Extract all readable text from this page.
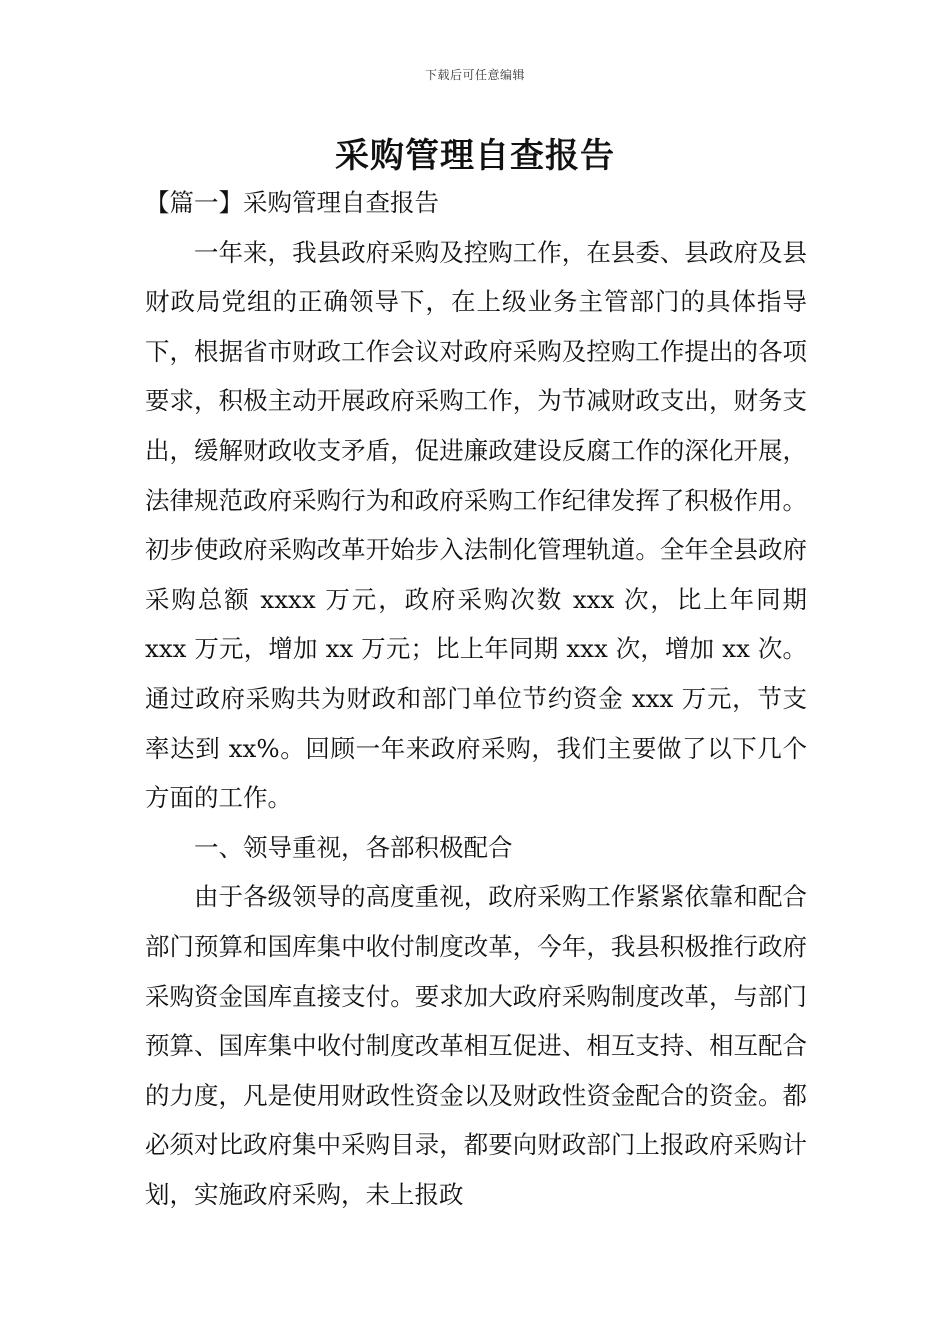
下载后可任意编辑
采购管理自查报告

【篇一】采购管理自查报告

一年来，我县政府采购及控购工作，在县委、县政府及县财政局党组的正确领导下，在上级业务主管部门的具体指导下，根据省市财政工作会议对政府采购及控购工作提出的各项要求，积极主动开展政府采购工作，为节减财政支出，财务支出，缓解财政收支矛盾，促进廉政建设反腐工作的深化开展，法律规范政府采购行为和政府采购工作纪律发挥了积极作用。初步使政府采购改革开始步入法制化管理轨道。全年全县政府采购总额 xxxx 万元，政府采购次数 xxx 次，比上年同期 xxx 万元，增加 xx 万元；比上年同期 xxx 次，增加 xx 次。通过政府采购共为财政和部门单位节约资金 xxx 万元，节支率达到 xx%。回顾一年来政府采购，我们主要做了以下几个方面的工作。

一、领导重视，各部积极配合

由于各级领导的高度重视，政府采购工作紧紧依靠和配合部门预算和国库集中收付制度改革，今年，我县积极推行政府采购资金国库直接支付。要求加大政府采购制度改革，与部门预算、国库集中收付制度改革相互促进、相互支持、相互配合的力度，凡是使用财政性资金以及财政性资金配合的资金。都必须对比政府集中采购目录，都要向财政部门上报政府采购计划，实施政府采购，未上报政
